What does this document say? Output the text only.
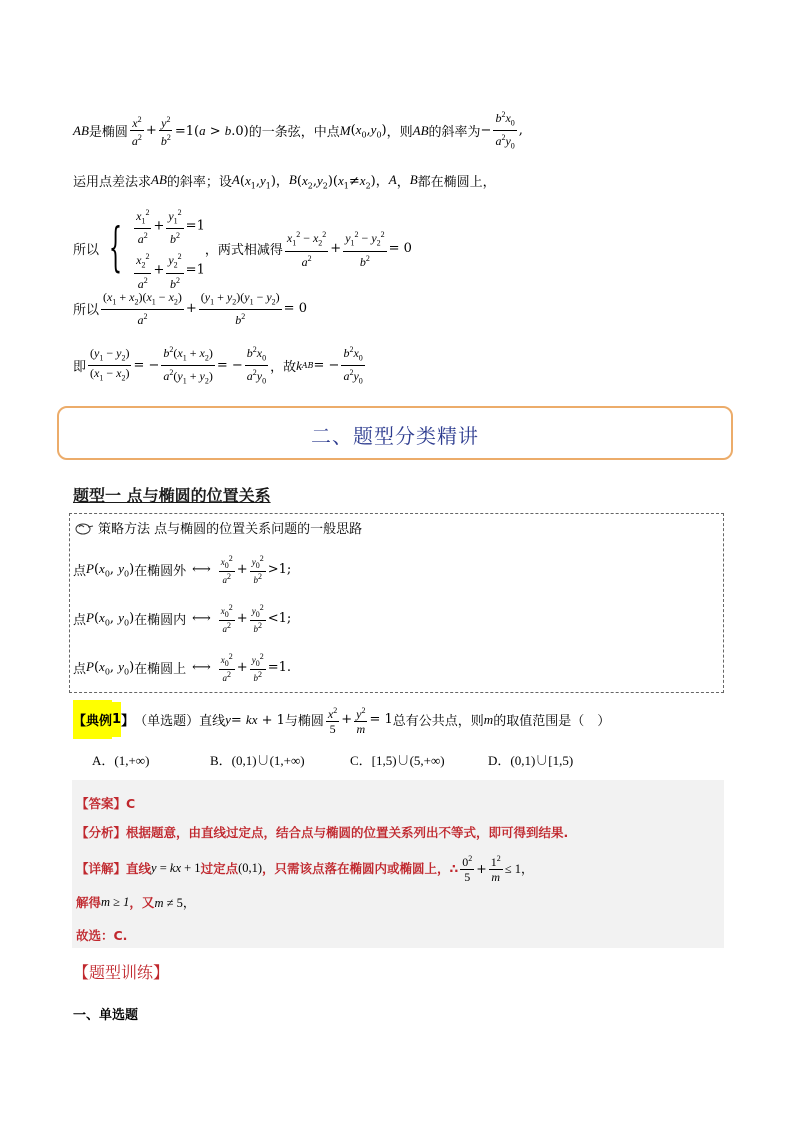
AB 是椭圆 $\frac{x^2}{a^2} + \frac{y^2}{b^2} =1(a > b.0)$ 的一条弦，中点 M $(x_0,y_0)$ ，则 AB 的斜率为 − $\frac{b^2x_0}{a^2y_0}$ ,
运用点差法求 AB 的斜率；设 A $(x_1,y_1)$， B $(x_2,y_2)(x_1\ne x_2)$， A ， B 都在椭圆上，
所以 { $\frac{x_1^2}{a^2} + \frac{y_1^2}{b^2} =1$
$\frac{x_2^2}{a^2} + \frac{y_2^2}{b^2} =1$
，两式相减得 $\frac{x_1^2 - x_2^2}{a^2} + \frac{y_1^2 - y_2^2}{b^2} = 0$
所以 $\frac{(x_1 + x_2)(x_1 - x_2)}{a^2} + \frac{(y_1 + y_2)(y_1 - y_2)}{b^2} = 0$
即 $\frac{(y_1 - y_2)}{(x_1 - x_2)}$ = − $\frac{b^2(x_1 + x_2)}{a^2(y_1 + y_2)}$ = − $\frac{b^2x_0}{a^2y_0}$ ，故 k AB = − $\frac{b^2x_0}{a^2y_0}$
二、题型分类精讲
题型一 点与椭圆的位置关系
策略方法 点与椭圆的位置关系问题的一般思路
点 P ($x_0$, $y_0$) 在椭圆外 ⟷ $\frac{x_0^2}{a^2} + \frac{y_0^2}{b^2} >1$;
点 P ($x_0$, $y_0$) 在椭圆内 ⟷ $\frac{x_0^2}{a^2} + \frac{y_0^2}{b^2} <1$;
点 P ($x_0$, $y_0$) 在椭圆上 ⟷ $\frac{x_0^2}{a^2} + \frac{y_0^2}{b^2} =1$.
【典例 1 】 （单选题） 直线 y = kx + 1 与椭圆 $\frac{x^2}{5} + \frac{y^2}{m} = 1$ 总有公共点，则 m 的取值范围是（　）
A．(1,+∞)	B．(0,1)∪(1,+∞)	C．[1,5)∪(5,+∞)	D．(0,1)∪[1,5)
【答案】C
【分析】根据题意，由直线过定点，结合点与椭圆的位置关系列出不等式，即可得到结果.
【详解】直线 y = kx + 1 过定点 (0,1) ，只需该点落在椭圆内或椭圆上，∴ $\frac{0^2}{5} + \frac{1^2}{m} \le 1$，
解得 m ≥ 1 ，又 m ≠ 5，
故选：C.
【题型训练】
一、单选题
